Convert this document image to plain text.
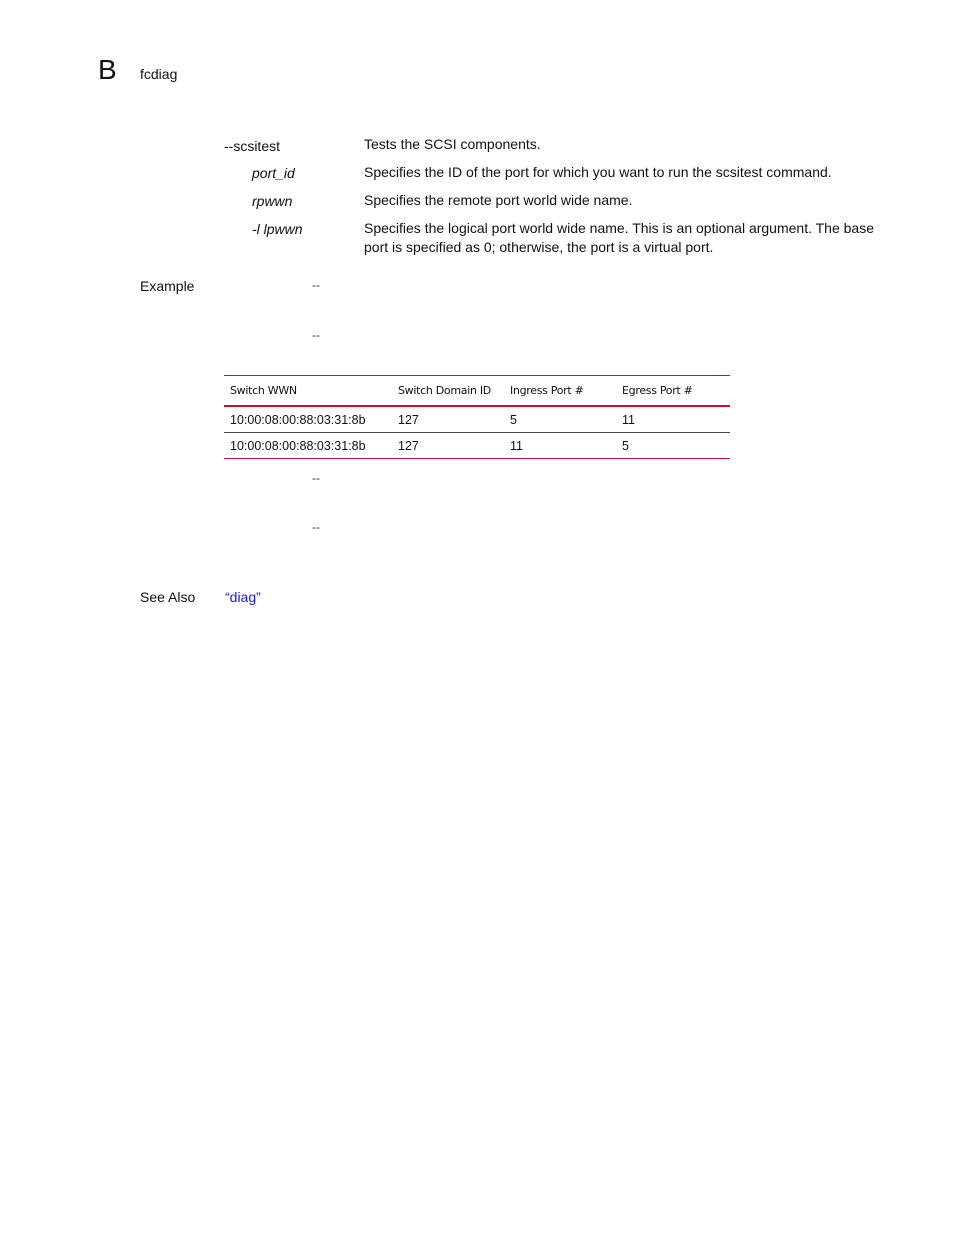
B fcdiag
--scsitest	Tests the SCSI components.
port_id	Specifies the ID of the port for which you want to run the scsitest command.
rpwwn	Specifies the remote port world wide name.
-l lpwwn	Specifies the logical port world wide name. This is an optional argument. The base port is specified as 0; otherwise, the port is a virtual port.
Example	--
--
Switch WWN	Switch Domain ID	Ingress Port #	Egress Port #
10:00:08:00:88:03:31:8b	127	5	11
10:00:08:00:88:03:31:8b	127	11	5
--
--
See Also “diag”
